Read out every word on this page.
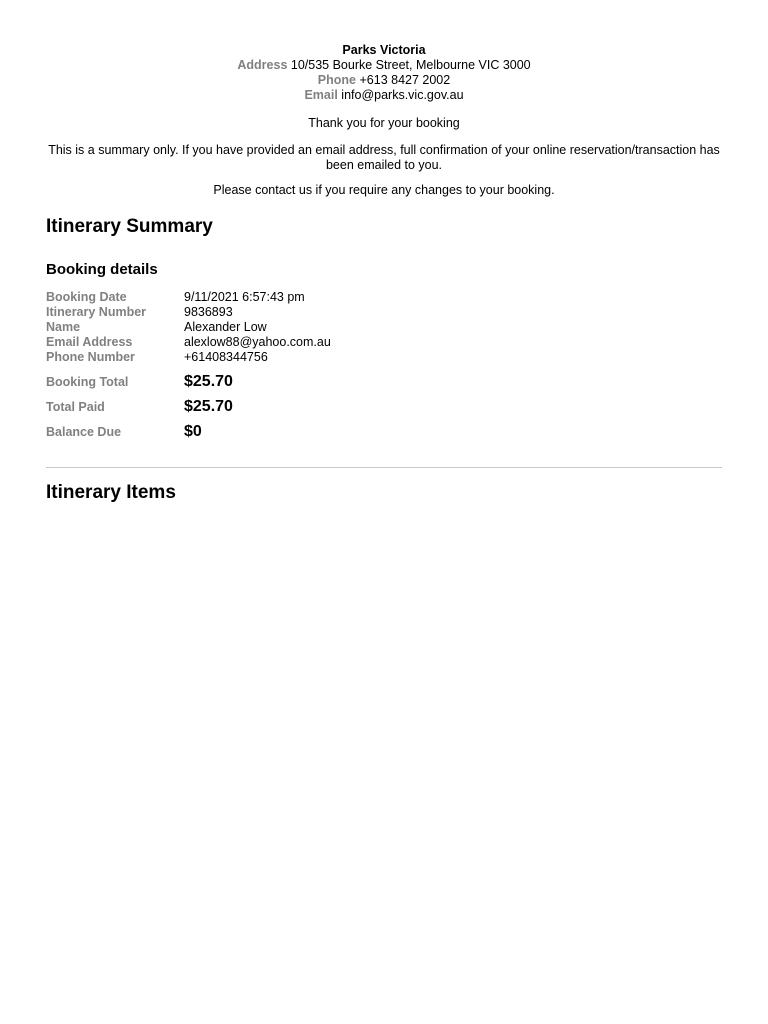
Parks Victoria
Address 10/535 Bourke Street, Melbourne VIC 3000
Phone +613 8427 2002
Email info@parks.vic.gov.au
Thank you for your booking
This is a summary only. If you have provided an email address, full confirmation of your online reservation/transaction has been emailed to you.
Please contact us if you require any changes to your booking.
Itinerary Summary
Booking details
Booking Date	9/11/2021 6:57:43 pm
Itinerary Number	9836893
Name	Alexander Low
Email Address	alexlow88@yahoo.com.au
Phone Number	+61408344756
Booking Total	$25.70
Total Paid	$25.70
Balance Due	$0
Itinerary Items
